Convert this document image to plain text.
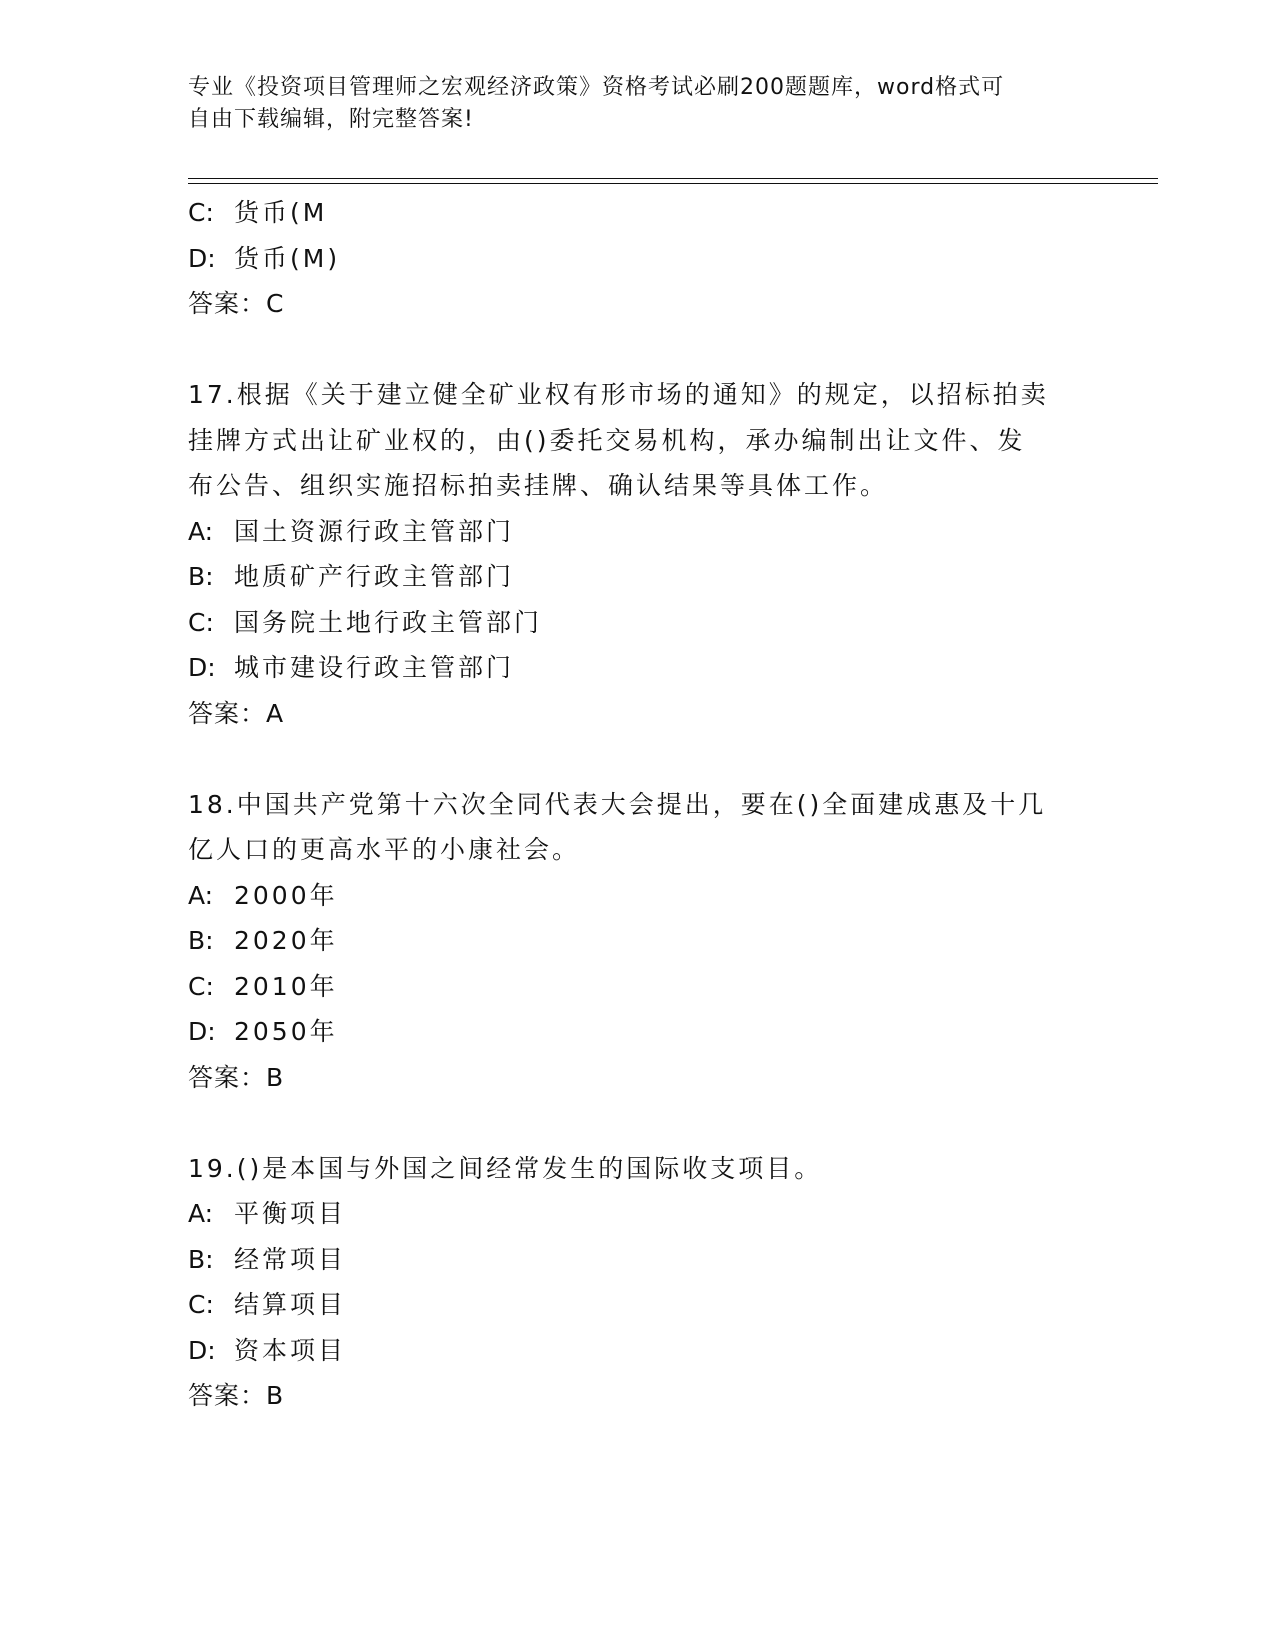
专业《投资项目管理师之宏观经济政策》资格考试必刷200题题库，word格式可
自由下载编辑，附完整答案!
C: 货币(M
D: 货币(M)
答案：C
17.根据《关于建立健全矿业权有形市场的通知》的规定，以招标拍卖
挂牌方式出让矿业权的，由()委托交易机构，承办编制出让文件、发
布公告、组织实施招标拍卖挂牌、确认结果等具体工作。
A: 国土资源行政主管部门
B: 地质矿产行政主管部门
C: 国务院土地行政主管部门
D: 城市建设行政主管部门
答案：A
18.中国共产党第十六次全同代表大会提出，要在()全面建成惠及十几
亿人口的更高水平的小康社会。
A: 2000年
B: 2020年
C: 2010年
D: 2050年
答案：B
19.()是本国与外国之间经常发生的国际收支项目。
A: 平衡项目
B: 经常项目
C: 结算项目
D: 资本项目
答案：B
